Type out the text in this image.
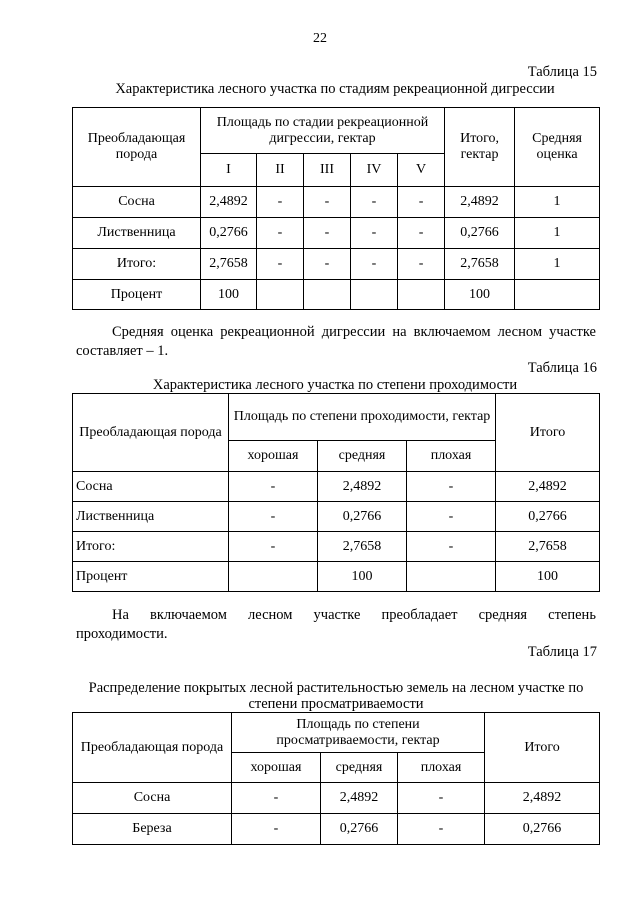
22
Таблица 15
Характеристика лесного участка по стадиям рекреационной дигрессии
Преобладающая порода	Площадь по стадии рекреационной дигрессии, гектар					Итого, гектар	Средняя оценка
	I	II	III	IV	V		
Сосна	2,4892	-	-	-	-	2,4892	1
Лиственница	0,2766	-	-	-	-	0,2766	1
Итого:	2,7658	-	-	-	-	2,7658	1
Процент	100					100	
Средняя оценка рекреационной дигрессии на включаемом лесном участке составляет – 1.
Таблица 16
Характеристика лесного участка по степени проходимости
Преобладающая порода	Площадь по степени проходимости, гектар			Итого
	хорошая	средняя	плохая	
Сосна	-	2,4892	-	2,4892
Лиственница	-	0,2766	-	0,2766
Итого:	-	2,7658	-	2,7658
Процент		100		100
На включаемом лесном участке преобладает средняя степень
проходимости.
Таблица 17
Распределение покрытых лесной растительностью земель на лесном участке по степени просматриваемости
Преобладающая порода	Площадь по степени просматриваемости, гектар			Итого
	хорошая	средняя	плохая	
Сосна	-	2,4892	-	2,4892
Береза	-	0,2766	-	0,2766
